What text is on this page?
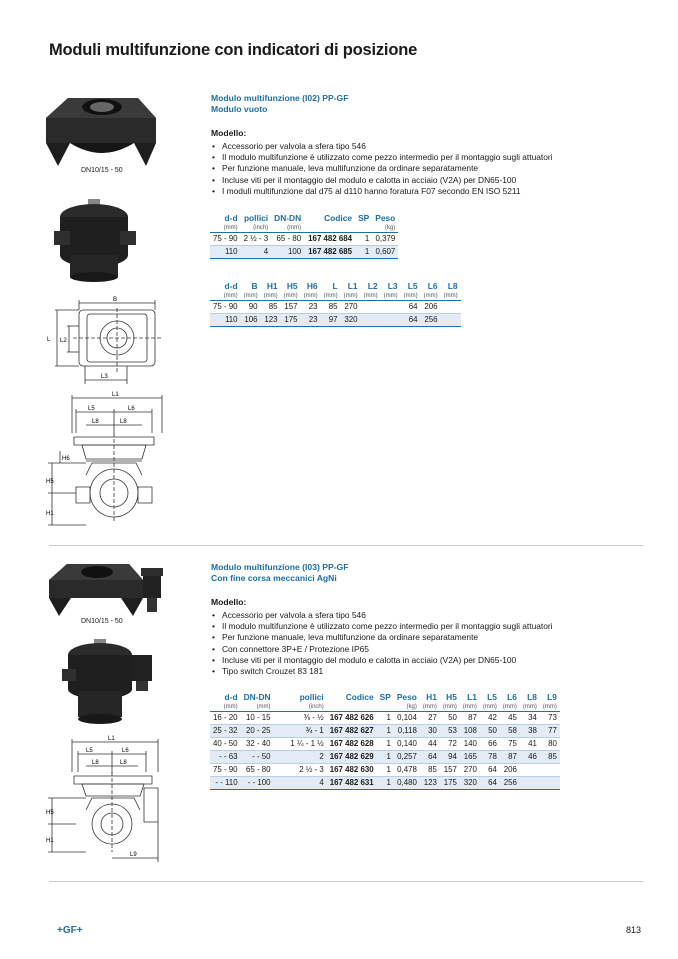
Moduli multifunzione con indicatori di posizione
DN10/15 - 50
B
L L2
L3
L1
L5	L6
L8	L8
H6
H5
H1
Modulo multifunzione (I02) PP-GF
Modulo vuoto
Modello:
• Accessorio per valvola a sfera tipo 546
• Il modulo multifunzione è utilizzato come pezzo intermedio per il montaggio sugli attuatori
• Per funzione manuale, leva multifunzione da ordinare separatamente
• Incluse viti per il montaggio del modulo e calotta in acciaio (V2A) per DN65-100
• I moduli multifunzione dal d75 al d110 hanno foratura F07 secondo EN ISO 5211
d-d	pollici	DN-DN	Codice	SP	Peso
(mm)	(inch)	(mm)			(kg)
75 - 90	2 ½ - 3	65 - 80	167 482 684	1	0,379
110	4	100	167 482 685	1	0,607
d-d	B	H1	H5	H6	L	L1	L2	L3	L5	L6	L8
(mm)	(mm)	(mm)	(mm)	(mm)	(mm)	(mm)	(mm)	(mm)	(mm)	(mm)	(mm)
75 - 90	90	85	157	23	85	270			64	206	
110	106	123	175	23	97	320			64	256	
DN10/15 - 50
L1
L5	L6
L8	L8
H5
H1
L9
Modulo multifunzione (I03) PP-GF
Con fine corsa meccanici AgNi
Modello:
• Accessorio per valvola a sfera tipo 546
• Il modulo multifunzione è utilizzato come pezzo intermedio per il montaggio sugli attuatori
• Per funzione manuale, leva multifunzione da ordinare separatamente
• Con connettore 3P+E / Protezione IP65
• Incluse viti per il montaggio del modulo e calotta in acciaio (V2A) per DN65-100
• Tipo switch Crouzet 83 181
d-d	DN-DN	pollici	Codice	SP	Peso	H1	H5	L1	L5	L6	L8	L9
(mm)	(mm)	(inch)			(kg)	(mm)	(mm)	(mm)	(mm)	(mm)	(mm)	(mm)
16 - 20	10 - 15	⅜ - ½	167 482 626	1	0,104	27	50	87	42	45	34	73
25 - 32	20 - 25	¾ - 1	167 482 627	1	0,118	30	53	108	50	58	38	77
40 - 50	32 - 40	1 ¼ - 1 ½	167 482 628	1	0,140	44	72	140	66	75	41	80
- - 63	- - 50	2	167 482 629	1	0,257	64	94	165	78	87	46	85
75 - 90	65 - 80	2 ½ - 3	167 482 630	1	0,478	85	157	270	64	206		
- - 110	- - 100	4	167 482 631	1	0,480	123	175	320	64	256		
+GF+	813
